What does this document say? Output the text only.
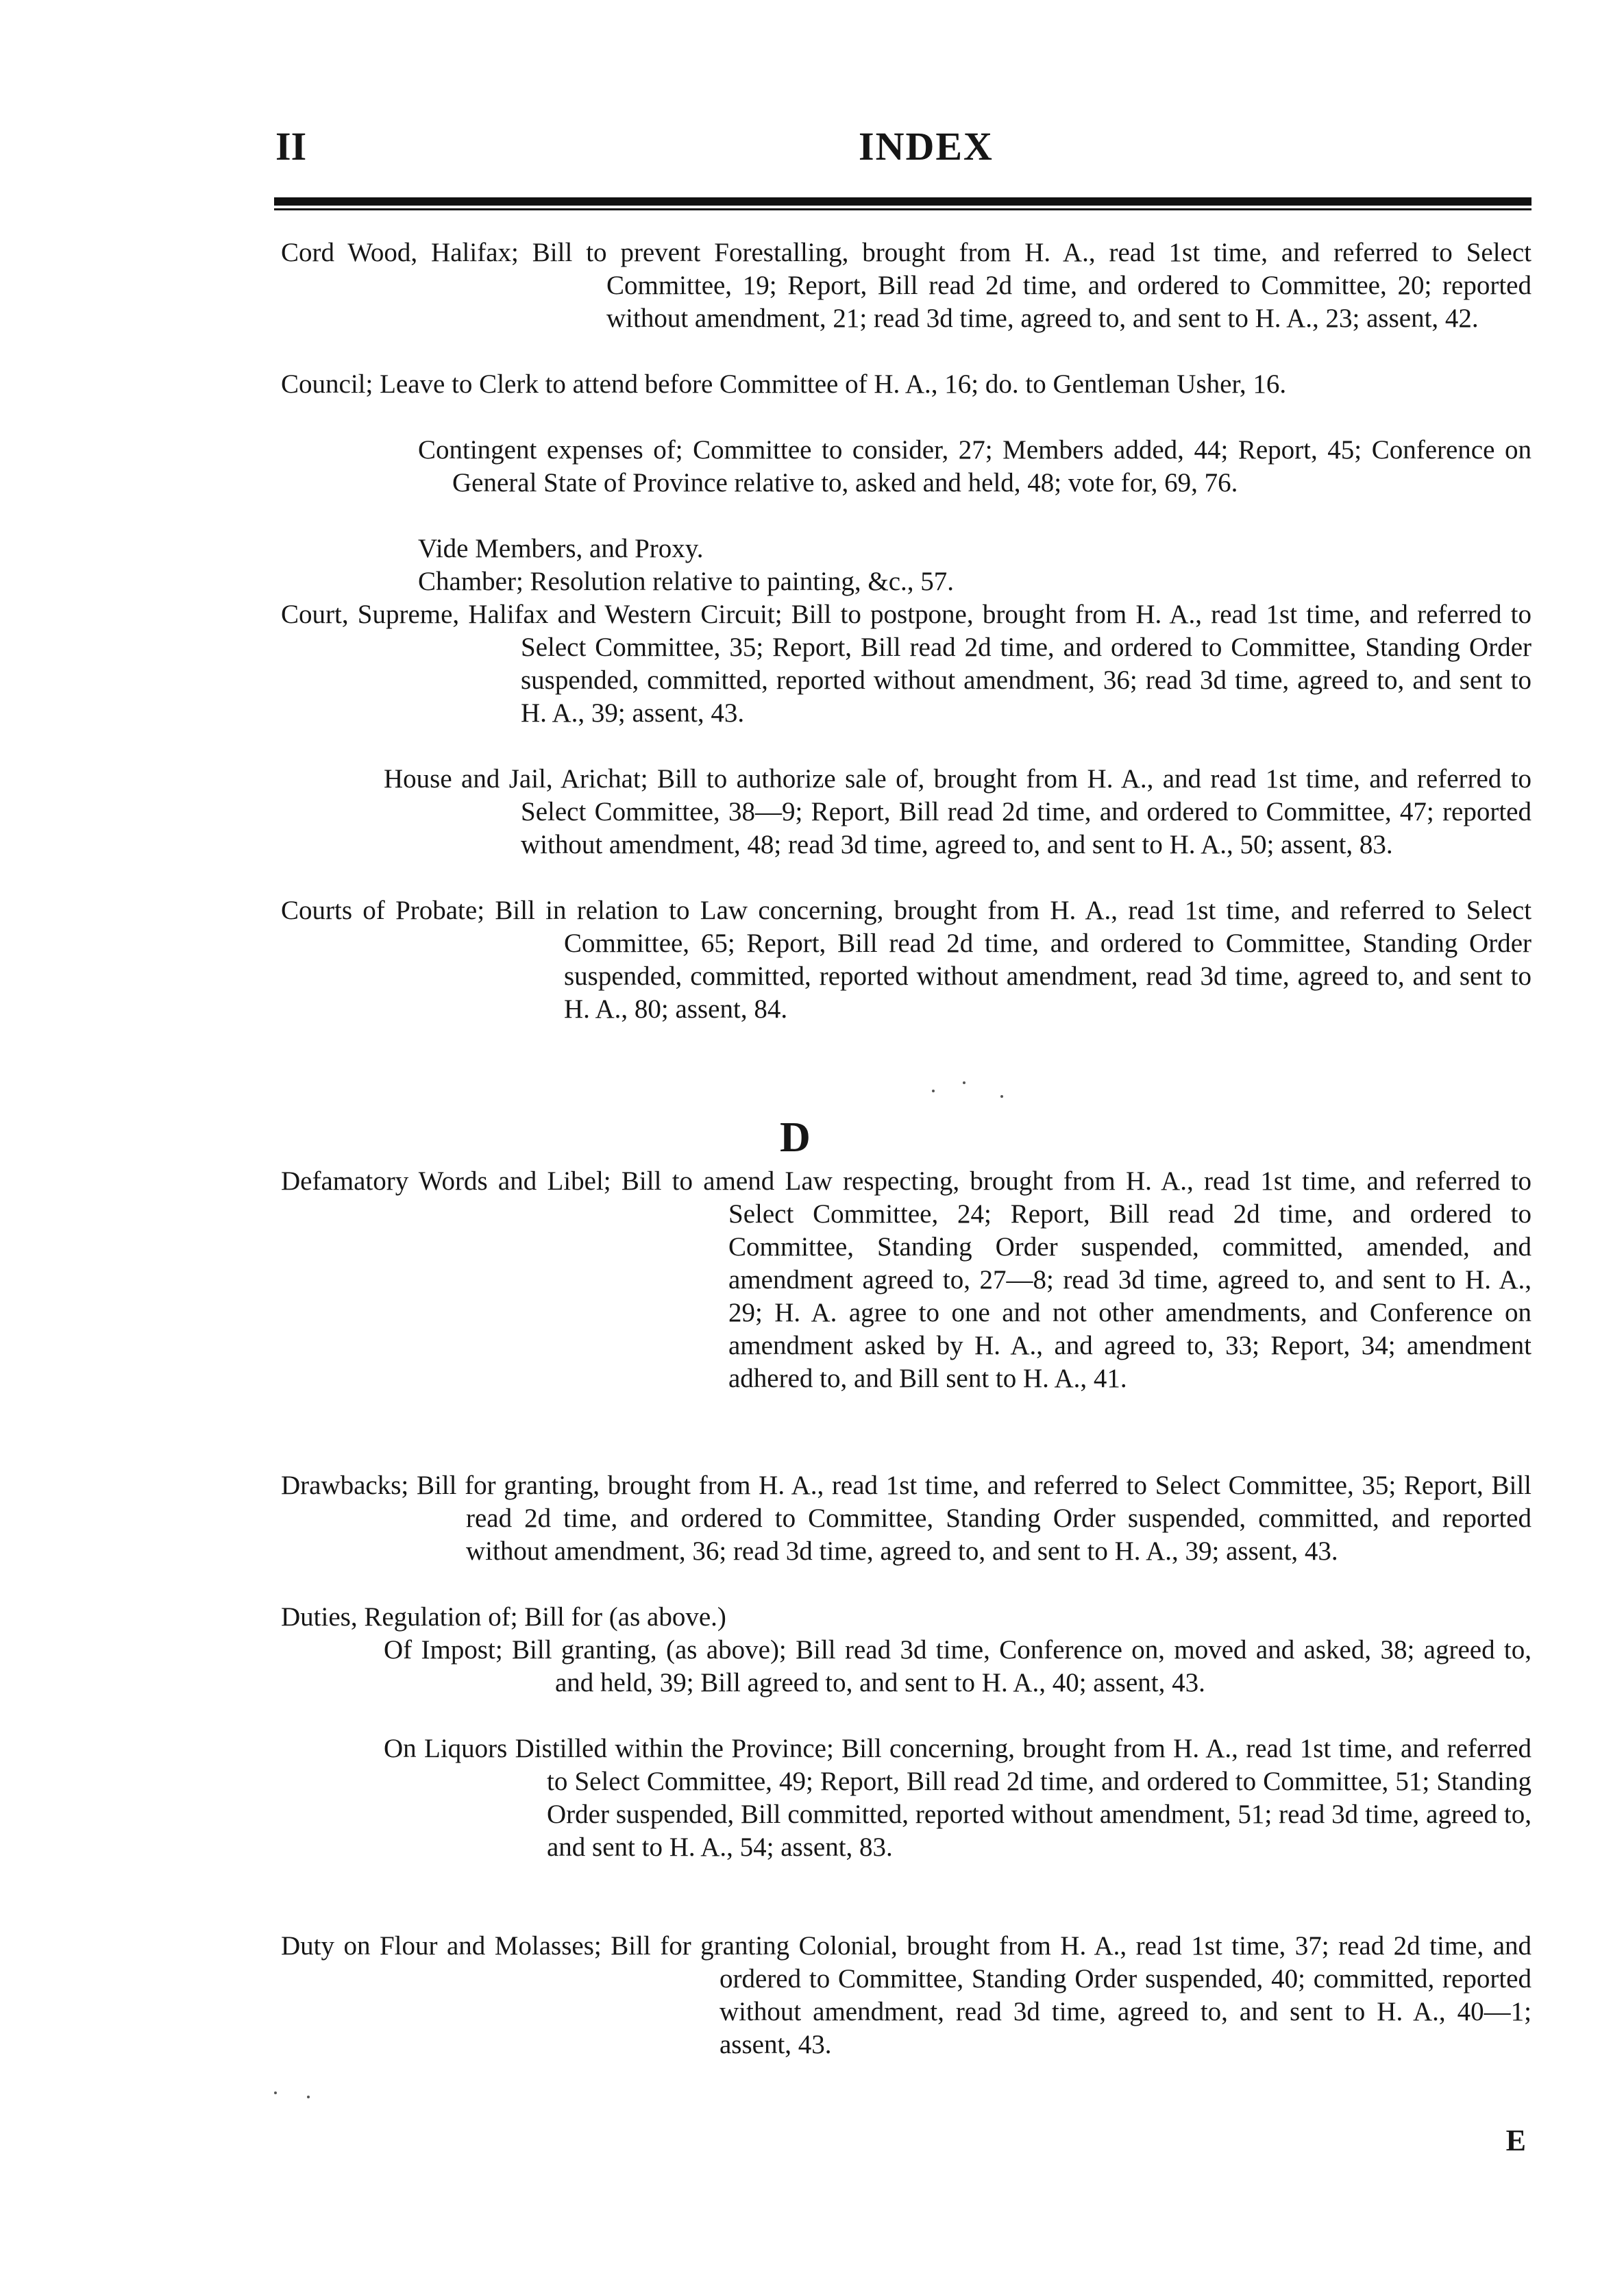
II	INDEX

Cord Wood, Halifax; Bill to prevent Forestalling, brought from H. A., read 1st time, and referred to Select Committee, 19; Report, Bill read 2d time, and ordered to Committee, 20; reported without amendment, 21; read 3d time, agreed to, and sent to H. A., 23; assent, 42.

Council; Leave to Clerk to attend before Committee of H. A., 16; do. to Gentleman Usher, 16.

Contingent expenses of; Committee to consider, 27; Members added, 44; Report, 45; Conference on General State of Province relative to, asked and held, 48; vote for, 69, 76.

Vide Members, and Proxy.

Chamber; Resolution relative to painting, &c., 57.

Court, Supreme, Halifax and Western Circuit; Bill to postpone, brought from H. A., read 1st time, and referred to Select Committee, 35; Report, Bill read 2d time, and ordered to Committee, Standing Order suspended, committed, reported without amendment, 36; read 3d time, agreed to, and sent to H. A., 39; assent, 43.

House and Jail, Arichat; Bill to authorize sale of, brought from H. A., and read 1st time, and referred to Select Committee, 38—9; Report, Bill read 2d time, and ordered to Committee, 47; reported without amendment, 48; read 3d time, agreed to, and sent to H. A., 50; assent, 83.

Courts of Probate; Bill in relation to Law concerning, brought from H. A., read 1st time, and referred to Select Committee, 65; Report, Bill read 2d time, and ordered to Committee, Standing Order suspended, committed, reported without amendment, read 3d time, agreed to, and sent to H. A., 80; assent, 84.

D

Defamatory Words and Libel; Bill to amend Law respecting, brought from H. A., read 1st time, and referred to Select Committee, 24; Report, Bill read 2d time, and ordered to Committee, Standing Order suspended, committed, amended, and amendment agreed to, 27—8; read 3d time, agreed to, and sent to H. A., 29; H. A. agree to one and not other amendments, and Conference on amendment asked by H. A., and agreed to, 33; Report, 34; amendment adhered to, and Bill sent to H. A., 41.

Drawbacks; Bill for granting, brought from H. A., read 1st time, and referred to Select Committee, 35; Report, Bill read 2d time, and ordered to Committee, Standing Order suspended, committed, and reported without amendment, 36; read 3d time, agreed to, and sent to H. A., 39; assent, 43.

Duties, Regulation of; Bill for (as above.)

Of Impost; Bill granting, (as above); Bill read 3d time, Conference on, moved and asked, 38; agreed to, and held, 39; Bill agreed to, and sent to H. A., 40; assent, 43.

On Liquors Distilled within the Province; Bill concerning, brought from H. A., read 1st time, and referred to Select Committee, 49; Report, Bill read 2d time, and ordered to Committee, 51; Standing Order suspended, Bill committed, reported without amendment, 51; read 3d time, agreed to, and sent to H. A., 54; assent, 83.

Duty on Flour and Molasses; Bill for granting Colonial, brought from H. A., read 1st time, 37; read 2d time, and ordered to Committee, Standing Order suspended, 40; committed, reported without amendment, read 3d time, agreed to, and sent to H. A., 40—1; assent, 43.

E
